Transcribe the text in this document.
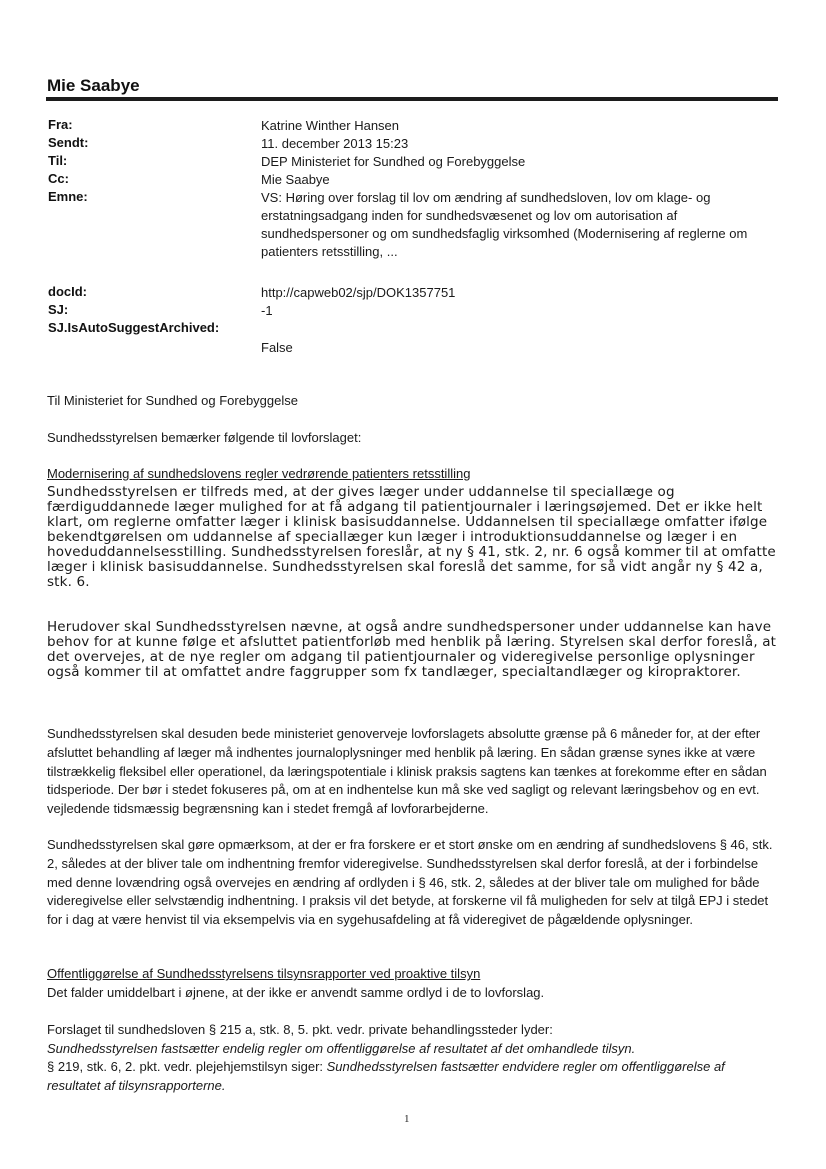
Mie Saabye
Fra:	Katrine Winther Hansen
Sendt:	11. december 2013 15:23
Til:	DEP Ministeriet for Sundhed og Forebyggelse
Cc:	Mie Saabye
Emne:	VS: Høring over forslag til lov om ændring af sundhedsloven, lov om klage- og erstatningsadgang inden for sundhedsvæsenet og lov om autorisation af sundhedspersoner og om sundhedsfaglig virksomhed (Modernisering af reglerne om patienters retsstilling, ...
docId:	http://capweb02/sjp/DOK1357751
SJ:	-1
SJ.IsAutoSuggestArchived:
False
Til Ministeriet for Sundhed og Forebyggelse
Sundhedsstyrelsen bemærker følgende til lovforslaget:
Modernisering af sundhedslovens regler vedrørende patienters retsstilling
Sundhedsstyrelsen er tilfreds med, at der gives læger under uddannelse til speciallæge og færdiguddannede læger mulighed for at få adgang til patientjournaler i læringsøjemed. Det er ikke helt klart, om reglerne omfatter læger i klinisk basisuddannelse. Uddannelsen til speciallæge omfatter ifølge bekendtgørelsen om uddannelse af speciallæger kun læger i introduktionsuddannelse og læger i en hoveduddannelsesstilling. Sundhedsstyrelsen foreslår, at ny § 41, stk. 2, nr. 6 også kommer til at omfatte læger i klinisk basisuddannelse. Sundhedsstyrelsen skal foreslå det samme, for så vidt angår ny § 42 a, stk. 6.
Herudover skal Sundhedsstyrelsen nævne, at også andre sundhedspersoner under uddannelse kan have behov for at kunne følge et afsluttet patientforløb med henblik på læring. Styrelsen skal derfor foreslå, at det overvejes, at de nye regler om adgang til patientjournaler og videregivelse personlige oplysninger også kommer til at omfattet andre faggrupper som fx tandlæger, specialtandlæger og kiropraktorer.
Sundhedsstyrelsen skal desuden bede ministeriet genoverveje lovforslagets absolutte grænse på 6 måneder for, at der efter afsluttet behandling af læger må indhentes journaloplysninger med henblik på læring. En sådan grænse synes ikke at være tilstrækkelig fleksibel eller operationel, da læringspotentiale i klinisk praksis sagtens kan tænkes at forekomme efter en sådan tidsperiode. Der bør i stedet fokuseres på, om at en indhentelse kun må ske ved sagligt og relevant læringsbehov og en evt. vejledende tidsmæssig begrænsning kan i stedet fremgå af lovforarbejderne.
Sundhedsstyrelsen skal gøre opmærksom, at der er fra forskere er et stort ønske om en ændring af sundhedslovens § 46, stk. 2, således at der bliver tale om indhentning fremfor videregivelse. Sundhedsstyrelsen skal derfor foreslå, at der i forbindelse med denne lovændring også overvejes en ændring af ordlyden i § 46, stk. 2, således at der bliver tale om mulighed for både videregivelse eller selvstændig indhentning. I praksis vil det betyde, at forskerne vil få muligheden for selv at tilgå EPJ i stedet for i dag at være henvist til via eksempelvis via en sygehusafdeling at få videregivet de pågældende oplysninger.
Offentliggørelse af Sundhedsstyrelsens tilsynsrapporter ved proaktive tilsyn
Det falder umiddelbart i øjnene, at der ikke er anvendt samme ordlyd i de to lovforslag.
Forslaget til sundhedsloven § 215 a, stk. 8, 5. pkt. vedr. private behandlingssteder lyder:
Sundhedsstyrelsen fastsætter endelig regler om offentliggørelse af resultatet af det omhandlede tilsyn.
§ 219, stk. 6, 2. pkt. vedr. plejehjemstilsyn siger: Sundhedsstyrelsen fastsætter endvidere regler om offentliggørelse af resultatet af tilsynsrapporterne.
1
